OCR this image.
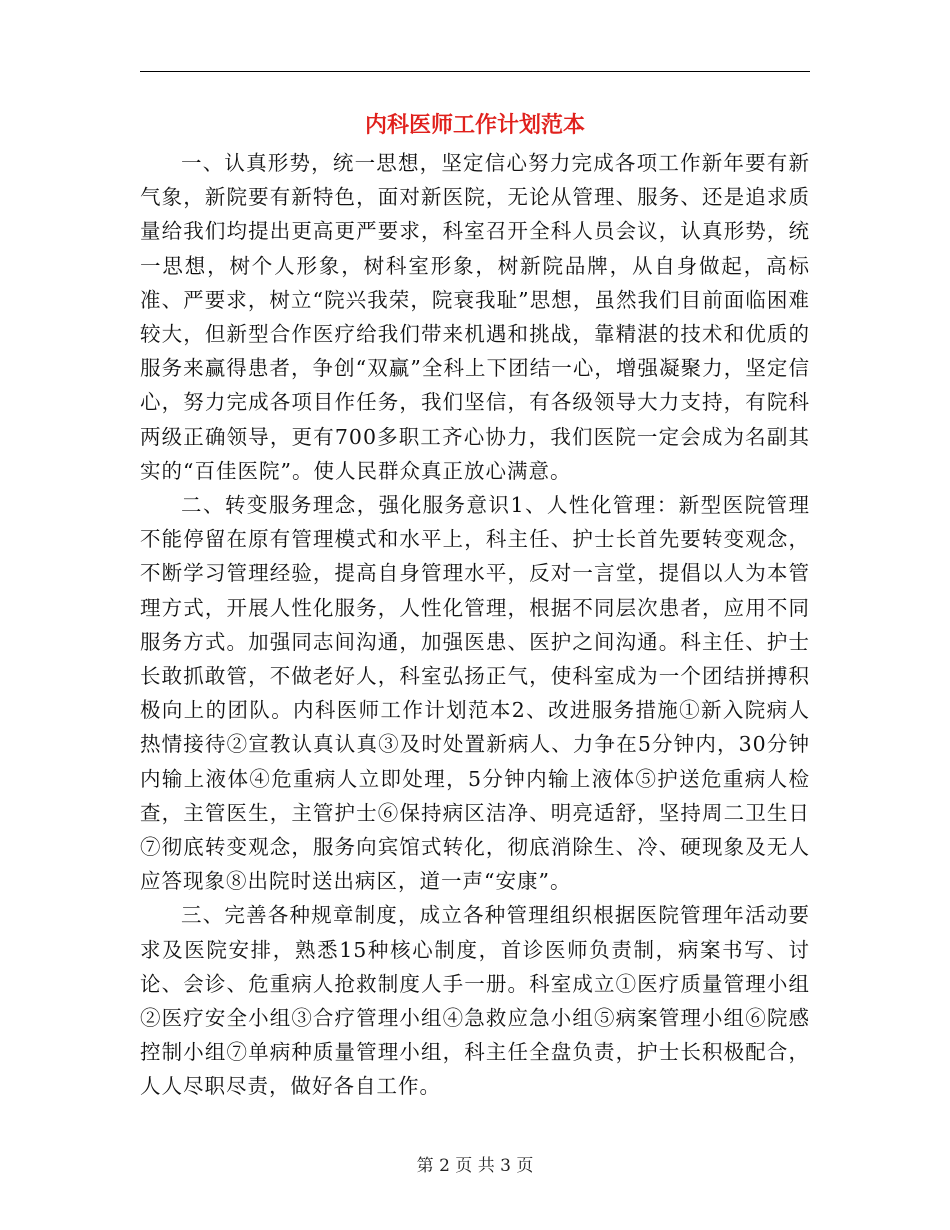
内科医师工作计划范本

一、认真形势，统一思想，坚定信心努力完成各项工作新年要有新气象，新院要有新特色，面对新医院，无论从管理、服务、还是追求质量给我们均提出更高更严要求，科室召开全科人员会议，认真形势，统一思想，树个人形象，树科室形象，树新院品牌，从自身做起，高标准、严要求，树立“院兴我荣，院衰我耻”思想，虽然我们目前面临困难较大，但新型合作医疗给我们带来机遇和挑战，靠精湛的技术和优质的服务来赢得患者，争创“双赢”全科上下团结一心，增强凝聚力，坚定信心，努力完成各项目作任务，我们坚信，有各级领导大力支持，有院科两级正确领导，更有700多职工齐心协力，我们医院一定会成为名副其实的“百佳医院”。使人民群众真正放心满意。

二、转变服务理念，强化服务意识1、人性化管理：新型医院管理不能停留在原有管理模式和水平上，科主任、护士长首先要转变观念，不断学习管理经验，提高自身管理水平，反对一言堂，提倡以人为本管理方式，开展人性化服务，人性化管理，根据不同层次患者，应用不同服务方式。加强同志间沟通，加强医患、医护之间沟通。科主任、护士长敢抓敢管，不做老好人，科室弘扬正气，使科室成为一个团结拼搏积极向上的团队。内科医师工作计划范本2、改进服务措施①新入院病人热情接待②宣教认真认真③及时处置新病人、力争在5分钟内，30分钟内输上液体④危重病人立即处理，5分钟内输上液体⑤护送危重病人检查，主管医生，主管护士⑥保持病区洁净、明亮适舒，坚持周二卫生日⑦彻底转变观念，服务向宾馆式转化，彻底消除生、冷、硬现象及无人应答现象⑧出院时送出病区，道一声“安康”。

三、完善各种规章制度，成立各种管理组织根据医院管理年活动要求及医院安排，熟悉15种核心制度，首诊医师负责制，病案书写、讨论、会诊、危重病人抢救制度人手一册。科室成立①医疗质量管理小组②医疗安全小组③合疗管理小组④急救应急小组⑤病案管理小组⑥院感控制小组⑦单病种质量管理小组，科主任全盘负责，护士长积极配合，人人尽职尽责，做好各自工作。

第 2 页 共 3 页
